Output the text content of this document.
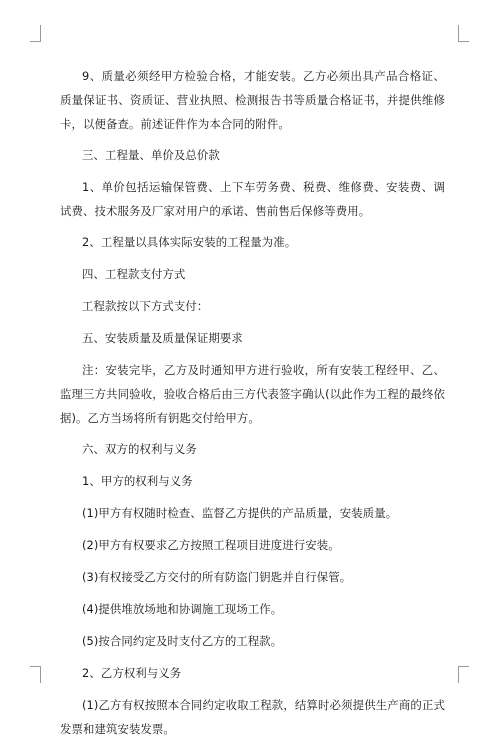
9、质量必须经甲方检验合格，才能安装。乙方必须出具产品合格证、质量保证书、资质证、营业执照、检测报告书等质量合格证书，并提供维修卡，以便备查。前述证件作为本合同的附件。

三、工程量、单价及总价款

1、单价包括运输保管费、上下车劳务费、税费、维修费、安装费、调试费、技术服务及厂家对用户的承诺、售前售后保修等费用。

2、工程量以具体实际安装的工程量为准。

四、工程款支付方式

工程款按以下方式支付：

五、安装质量及质量保证期要求

注：安装完毕，乙方及时通知甲方进行验收，所有安装工程经甲、乙、监理三方共同验收，验收合格后由三方代表签字确认(以此作为工程的最终依据)。乙方当场将所有钥匙交付给甲方。

六、双方的权利与义务

1、甲方的权利与义务

(1)甲方有权随时检查、监督乙方提供的产品质量，安装质量。

(2)甲方有权要求乙方按照工程项目进度进行安装。

(3)有权接受乙方交付的所有防盗门钥匙并自行保管。

(4)提供堆放场地和协调施工现场工作。

(5)按合同约定及时支付乙方的工程款。

2、乙方权利与义务

(1)乙方有权按照本合同约定收取工程款，结算时必须提供生产商的正式发票和建筑安装发票。
